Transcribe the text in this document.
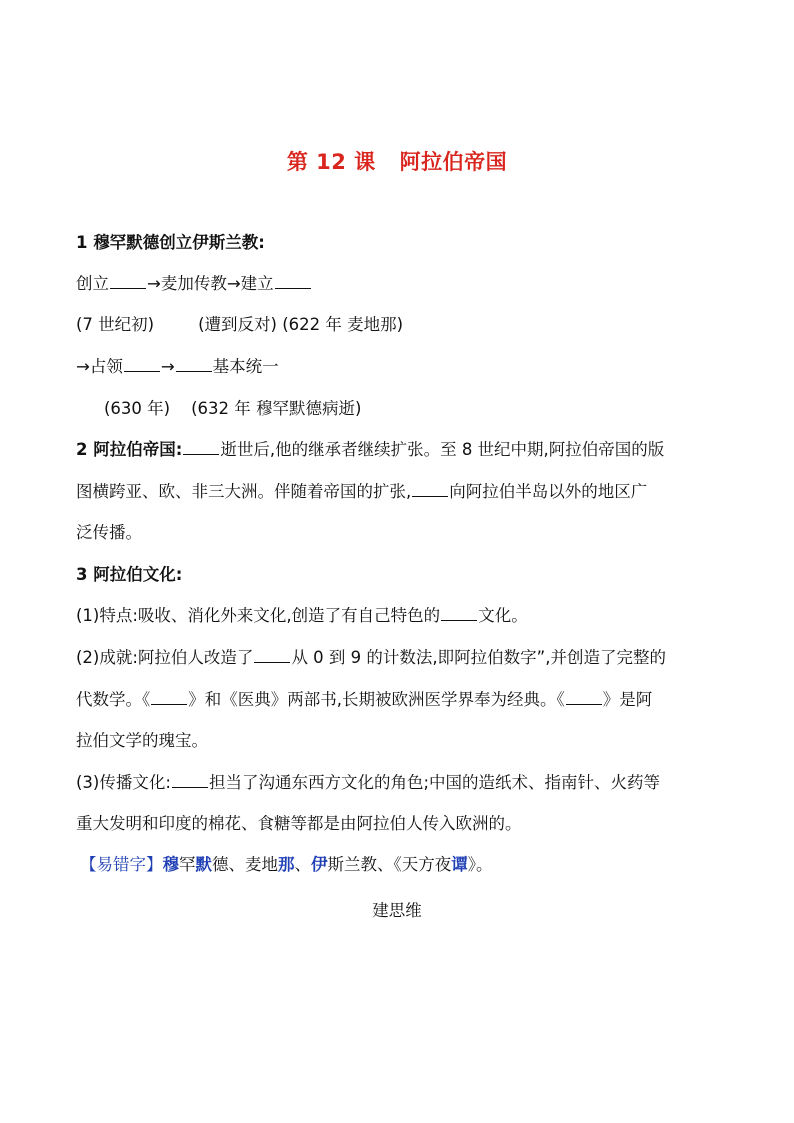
第 12 课 阿拉伯帝国
1 穆罕默德创立伊斯兰教:
创立 →麦加传教→建立
(7 世纪初)	(遭到反对) (622 年 麦地那)
→占领 → 基本统一
(630 年)    (632 年 穆罕默德病逝)
2 阿拉伯帝国: 逝世后,他的继承者继续扩张。至 8 世纪中期,阿拉伯帝国的版
图横跨亚、欧、非三大洲。伴随着帝国的扩张, 向阿拉伯半岛以外的地区广
泛传播。
3 阿拉伯文化:
(1)特点:吸收、消化外来文化,创造了有自己特色的 文化。
(2)成就:阿拉伯人改造了 从 0 到 9 的计数法,即阿拉伯数字”,并创造了完整的
代数学。《 》和《医典》两部书,长期被欧洲医学界奉为经典。《 》是阿
拉伯文学的瑰宝。
(3)传播文化: 担当了沟通东西方文化的角色;中国的造纸术、指南针、火药等
重大发明和印度的棉花、食糖等都是由阿拉伯人传入欧洲的。
【易错字】穆罕默德、麦地那、伊斯兰教、《天方夜谭》。
建思维
